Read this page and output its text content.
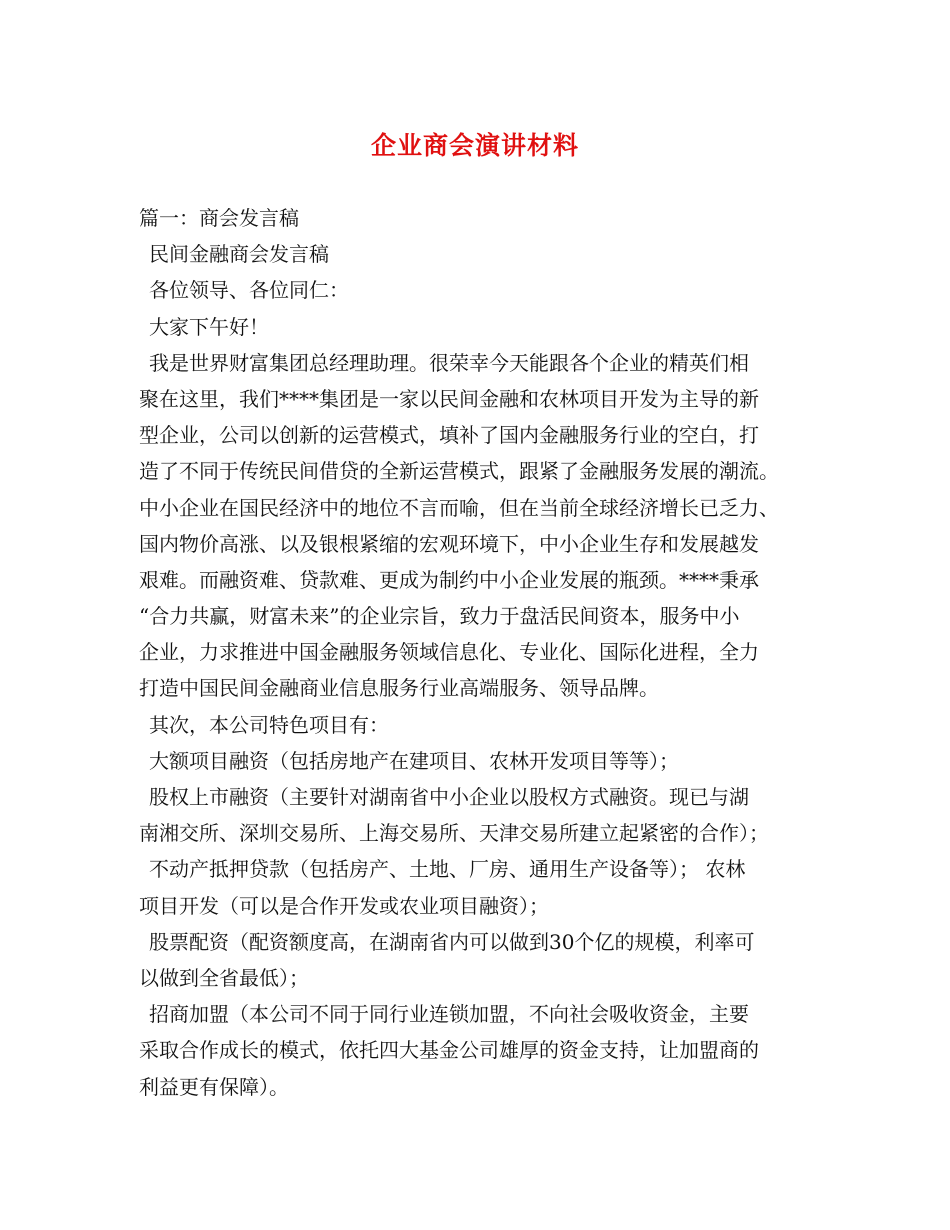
企业商会演讲材料
篇一：商会发言稿
民间金融商会发言稿
各位领导、各位同仁：
大家下午好！
我是世界财富集团总经理助理。很荣幸今天能跟各个企业的精英们相
聚在这里，我们****集团是一家以民间金融和农林项目开发为主导的新
型企业，公司以创新的运营模式，填补了国内金融服务行业的空白，打
造了不同于传统民间借贷的全新运营模式，跟紧了金融服务发展的潮流。
中小企业在国民经济中的地位不言而喻，但在当前全球经济增长已乏力、
国内物价高涨、以及银根紧缩的宏观环境下，中小企业生存和发展越发
艰难。而融资难、贷款难、更成为制约中小企业发展的瓶颈。****秉承
“合力共赢，财富未来”的企业宗旨，致力于盘活民间资本，服务中小
企业，力求推进中国金融服务领域信息化、专业化、国际化进程，全力
打造中国民间金融商业信息服务行业高端服务、领导品牌。
其次，本公司特色项目有：
大额项目融资（包括房地产在建项目、农林开发项目等等）；
股权上市融资（主要针对湖南省中小企业以股权方式融资。现已与湖
南湘交所、深圳交易所、上海交易所、天津交易所建立起紧密的合作）；
不动产抵押贷款（包括房产、土地、厂房、通用生产设备等）； 农林
项目开发（可以是合作开发或农业项目融资）；
股票配资（配资额度高，在湖南省内可以做到30个亿的规模，利率可
以做到全省最低）；
招商加盟（本公司不同于同行业连锁加盟，不向社会吸收资金，主要
采取合作成长的模式，依托四大基金公司雄厚的资金支持，让加盟商的
利益更有保障）。
